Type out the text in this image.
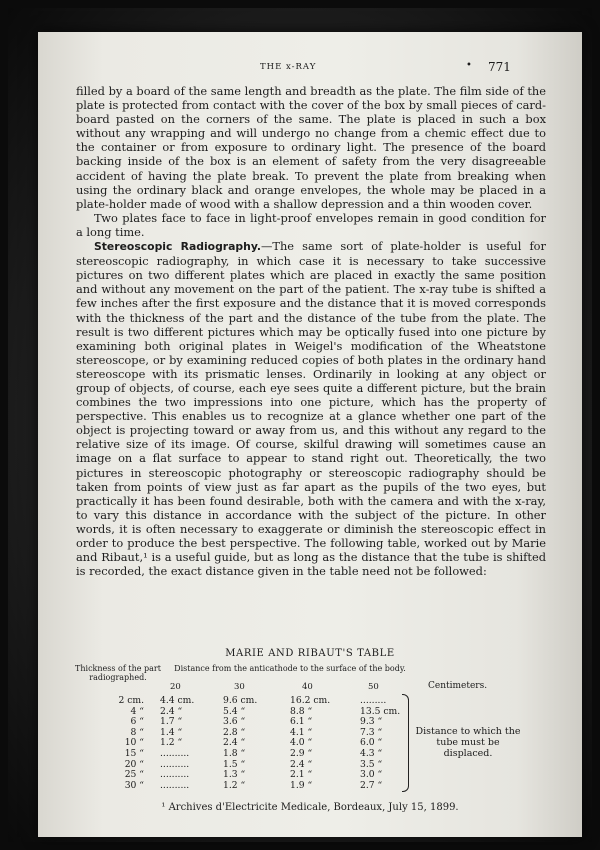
THE x-RAY	• 771

filled by a board of the same length and breadth as the plate. The film side of the plate is protected from contact with the cover of the box by small pieces of card-board pasted on the corners of the same. The plate is placed in such a box without any wrapping and will undergo no change from a chemic effect due to the container or from exposure to ordinary light. The presence of the board backing inside of the box is an element of safety from the very disagreeable accident of having the plate break. To prevent the plate from breaking when using the ordinary black and orange envelopes, the whole may be placed in a plate-holder made of wood with a shallow depression and a thin wooden cover.

Two plates face to face in light-proof envelopes remain in good condition for a long time.

Stereoscopic Radiography.—The same sort of plate-holder is useful for stereoscopic radiography, in which case it is necessary to take successive pictures on two different plates which are placed in exactly the same position and without any movement on the part of the patient. The x-ray tube is shifted a few inches after the first exposure and the distance that it is moved corresponds with the thickness of the part and the distance of the tube from the plate. The result is two different pictures which may be optically fused into one picture by examining both original plates in Weigel's modification of the Wheatstone stereoscope, or by examining reduced copies of both plates in the ordinary hand stereoscope with its prismatic lenses. Ordinarily in looking at any object or group of objects, of course, each eye sees quite a different picture, but the brain combines the two impressions into one picture, which has the property of perspective. This enables us to recognize at a glance whether one part of the object is projecting toward or away from us, and this without any regard to the relative size of its image. Of course, skilful drawing will sometimes cause an image on a flat surface to appear to stand right out. Theoretically, the two pictures in stereoscopic photography or stereoscopic radiography should be taken from points of view just as far apart as the pupils of the two eyes, but practically it has been found desirable, both with the camera and with the x-ray, to vary this distance in accordance with the subject of the picture. In other words, it is often necessary to exaggerate or diminish the stereoscopic effect in order to produce the best perspective. The following table, worked out by Marie and Ribaut,¹ is a useful guide, but as long as the distance that the tube is shifted is recorded, the exact distance given in the table need not be followed:

MARIE AND RIBAUT'S TABLE
Thickness of the part radiographed.
Distance from the anticathode to the surface of the body.
Centimeters.
20	30	40	50
2 cm. 4.4 cm.	9.6 cm.	16.2 cm.	.........
4 “ 2.4 “	5.4 “	8.8 “	13.5 cm.
6 “ 1.7 “	3.6 “	6.1 “	9.3 “
8 “ 1.4 “	2.8 “	4.1 “	7.3 “
10 “ 1.2 “	2.4 “	4.0 “	6.0 “
15 “ ..........	1.8 “	2.9 “	4.3 “
20 “ ..........	1.5 “	2.4 “	3.5 “
25 “ ..........	1.3 “	2.1 “	3.0 “
30 “ ..........	1.2 “	1.9 “	2.7 “
Distance to which the tube must be displaced.
¹ Archives d'Electricite Medicale, Bordeaux, July 15, 1899.
